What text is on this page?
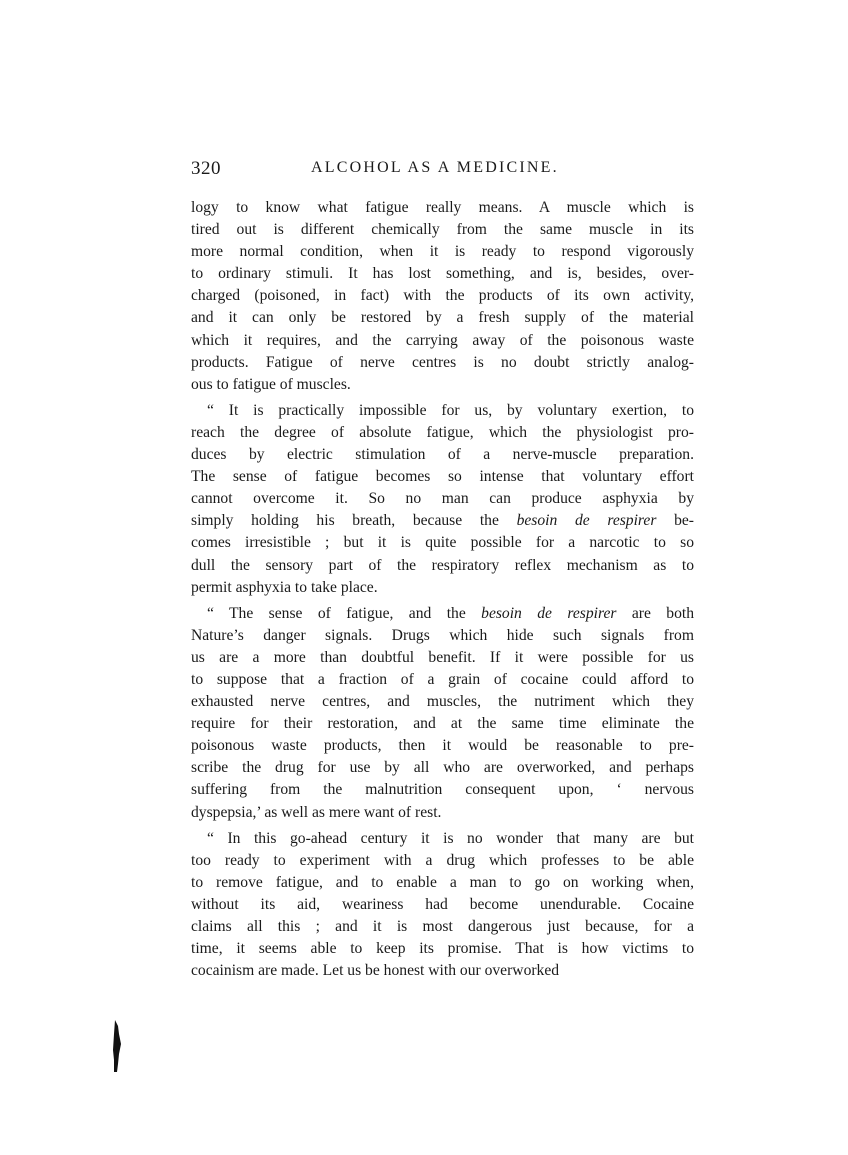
320	ALCOHOL AS A MEDICINE.

logy to know what fatigue really means. A muscle which is
tired out is different chemically from the same muscle in its
more normal condition, when it is ready to respond vigorously
to ordinary stimuli. It has lost something, and is, besides, over-
charged (poisoned, in fact) with the products of its own activity,
and it can only be restored by a fresh supply of the material
which it requires, and the carrying away of the poisonous waste
products. Fatigue of nerve centres is no doubt strictly analog-
ous to fatigue of muscles.

“ It is practically impossible for us, by voluntary exertion, to
reach the degree of absolute fatigue, which the physiologist pro-
duces by electric stimulation of a nerve-muscle preparation.
The sense of fatigue becomes so intense that voluntary effort
cannot overcome it. So no man can produce asphyxia by
simply holding his breath, because the besoin de respirer be-
comes irresistible ; but it is quite possible for a narcotic to so
dull the sensory part of the respiratory reflex mechanism as to
permit asphyxia to take place.

“ The sense of fatigue, and the besoin de respirer are both
Nature’s danger signals. Drugs which hide such signals from
us are a more than doubtful benefit. If it were possible for us
to suppose that a fraction of a grain of cocaine could afford to
exhausted nerve centres, and muscles, the nutriment which they
require for their restoration, and at the same time eliminate the
poisonous waste products, then it would be reasonable to pre-
scribe the drug for use by all who are overworked, and perhaps
suffering from the malnutrition consequent upon, ‘ nervous
dyspepsia,’ as well as mere want of rest.

“ In this go-ahead century it is no wonder that many are but
too ready to experiment with a drug which professes to be able
to remove fatigue, and to enable a man to go on working when,
without its aid, weariness had become unendurable. Cocaine
claims all this ; and it is most dangerous just because, for a
time, it seems able to keep its promise. That is how victims to
cocainism are made. Let us be honest with our overworked
